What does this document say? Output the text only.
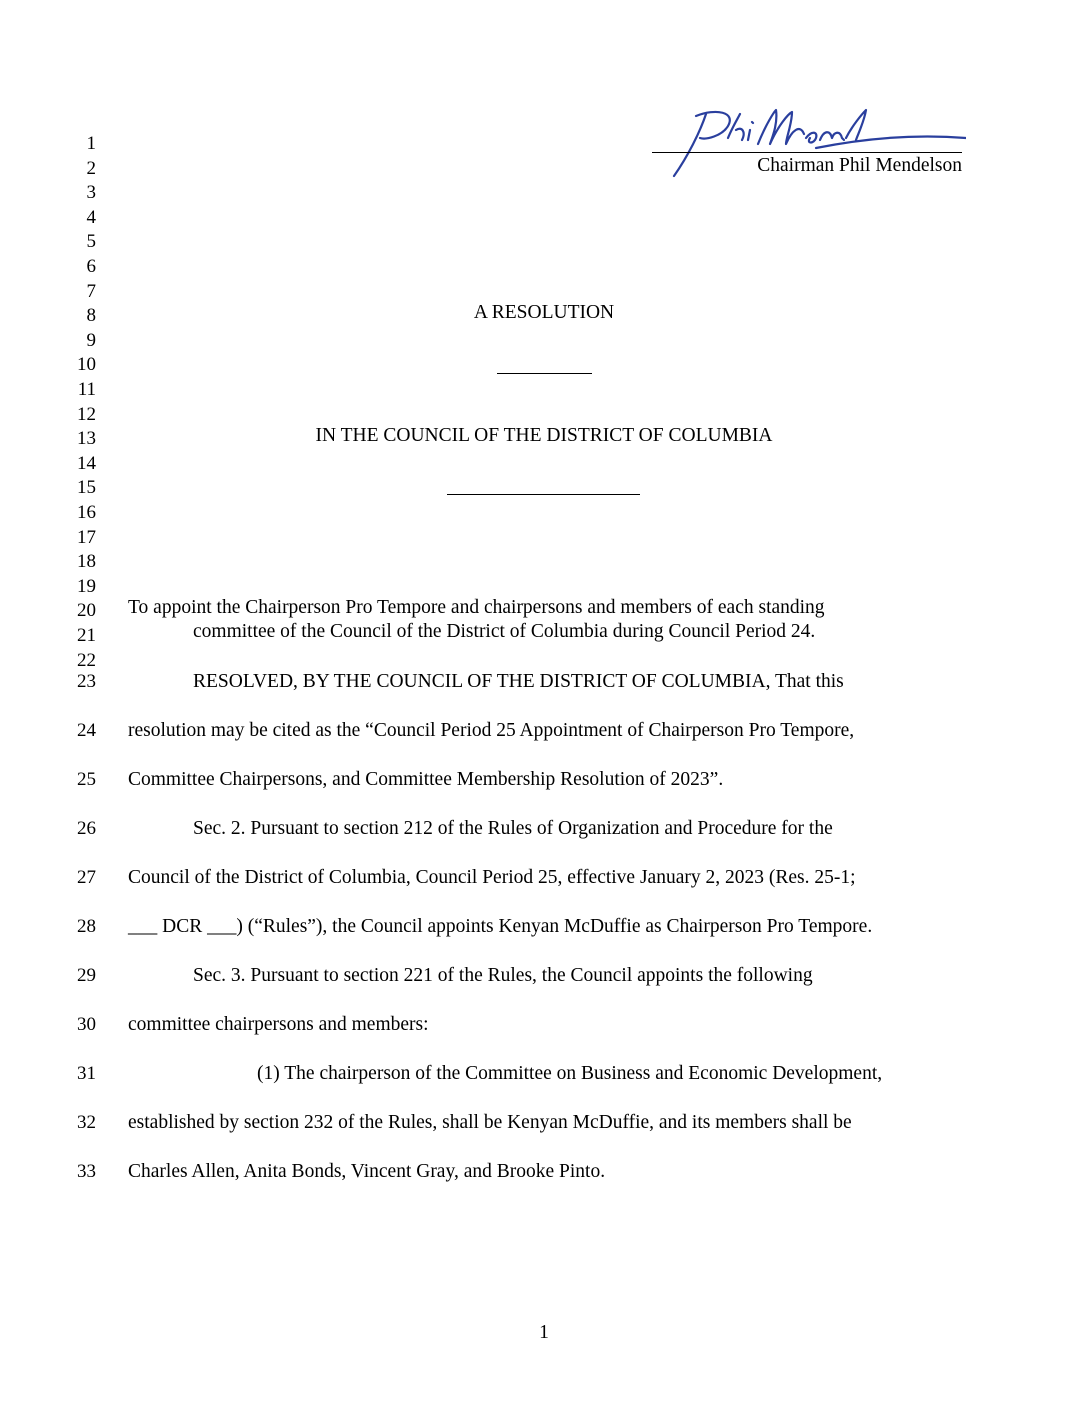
Chairman Phil Mendelson
1
2
3
4
5
6
7
8
9
10
11
12
13
14
15
16
17
18
19
20
21
22
23
24
25
26
27
28
29
30
31
32
33
A RESOLUTION
IN THE COUNCIL OF THE DISTRICT OF COLUMBIA
To appoint the Chairperson Pro Tempore and chairpersons and members of each standing
committee of the Council of the District of Columbia during Council Period 24.
RESOLVED, BY THE COUNCIL OF THE DISTRICT OF COLUMBIA, That this
resolution may be cited as the “Council Period 25 Appointment of Chairperson Pro Tempore,
Committee Chairpersons, and Committee Membership Resolution of 2023”.
Sec. 2. Pursuant to section 212 of the Rules of Organization and Procedure for the
Council of the District of Columbia, Council Period 25, effective January 2, 2023 (Res. 25-1;
___ DCR ___) (“Rules”), the Council appoints Kenyan McDuffie as Chairperson Pro Tempore.
Sec. 3. Pursuant to section 221 of the Rules, the Council appoints the following
committee chairpersons and members:
(1) The chairperson of the Committee on Business and Economic Development,
established by section 232 of the Rules, shall be Kenyan McDuffie, and its members shall be
Charles Allen, Anita Bonds, Vincent Gray, and Brooke Pinto.
1
